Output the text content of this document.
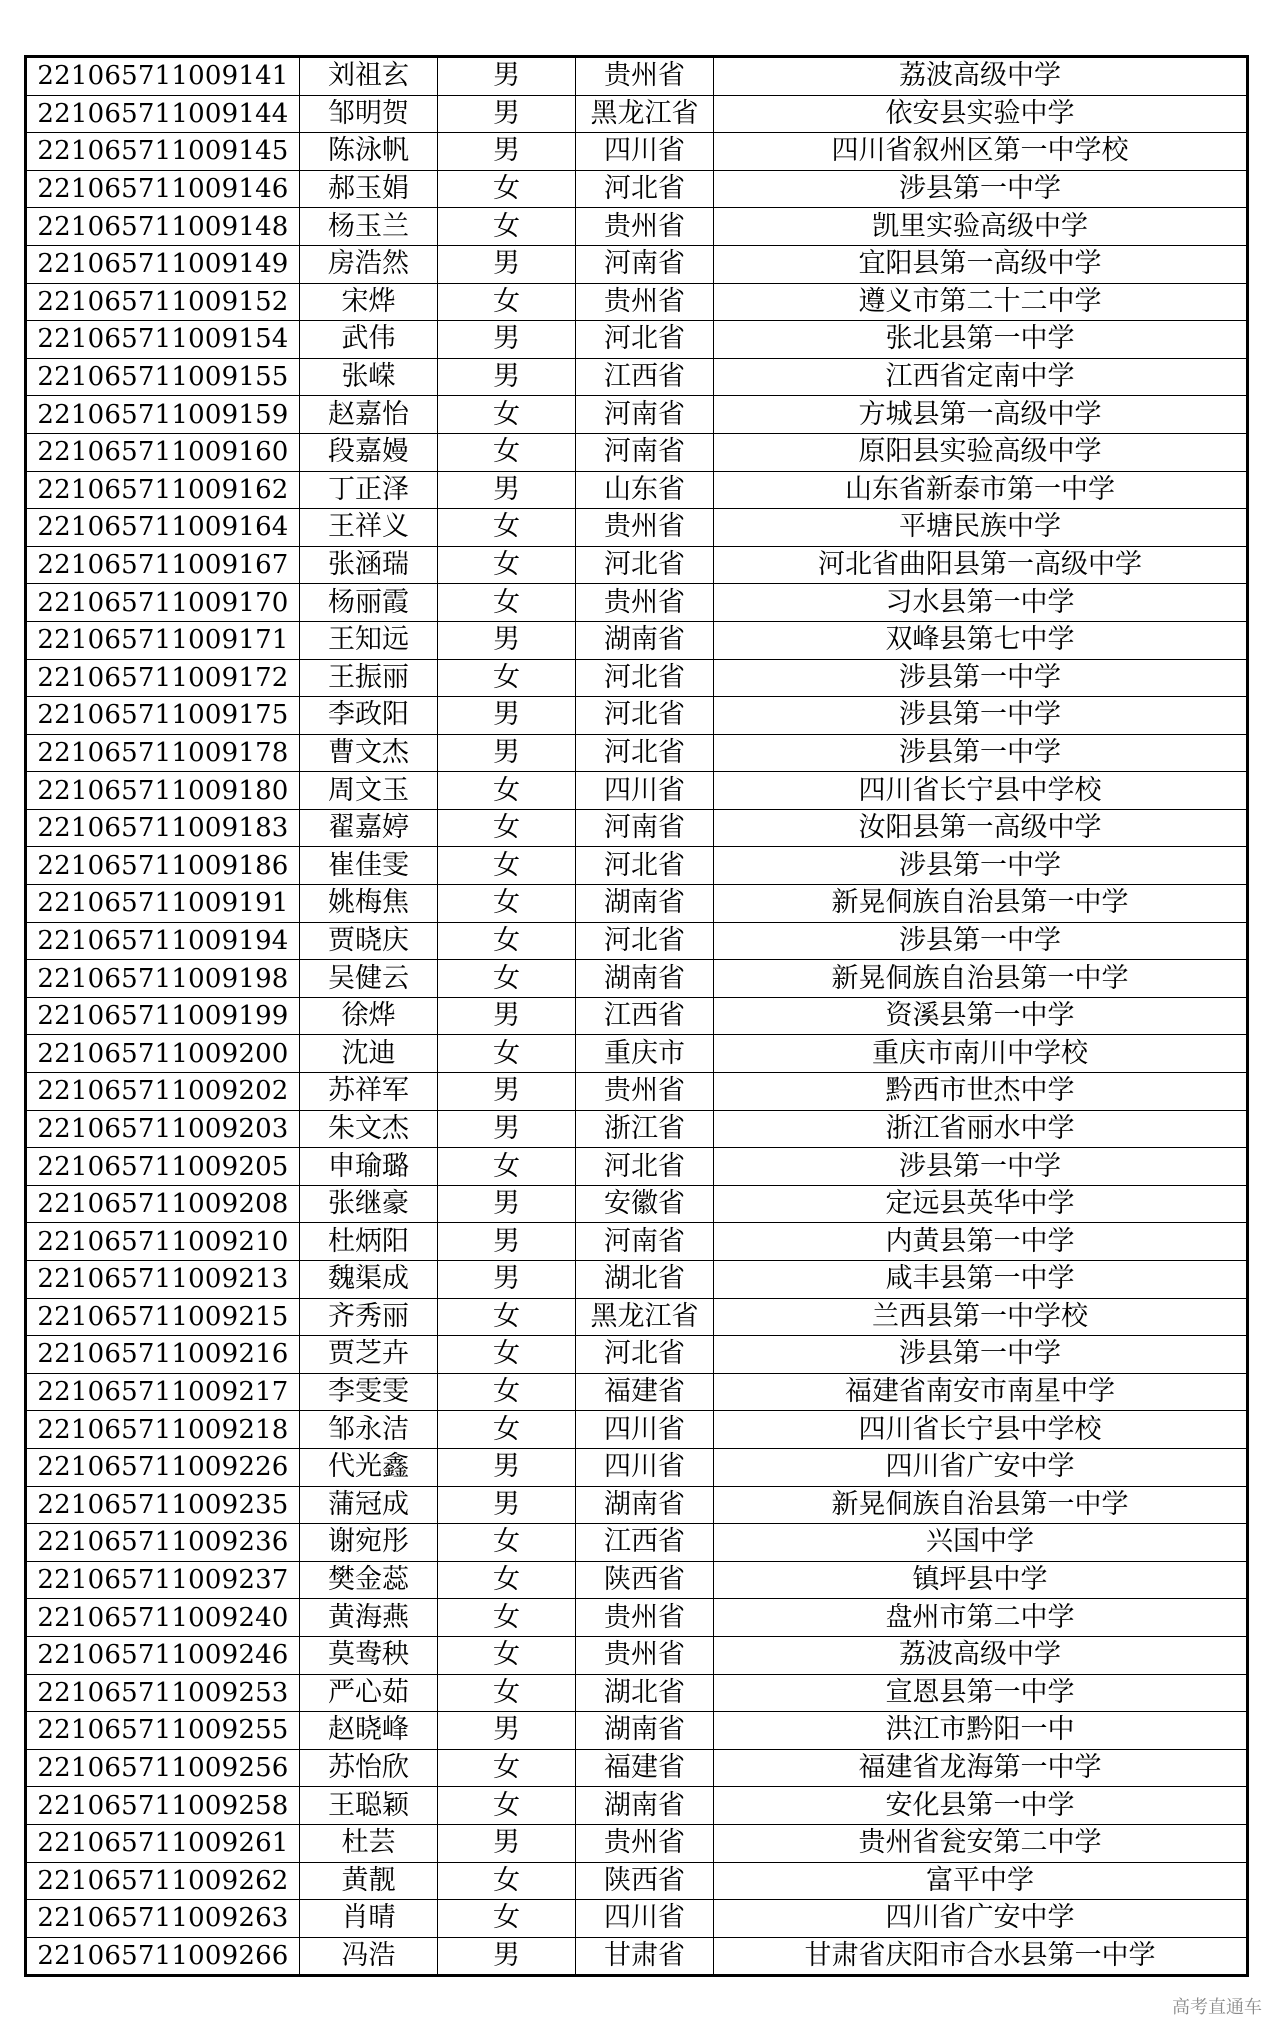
221065711009141	刘祖玄	男	贵州省	荔波高级中学
221065711009144	邹明贺	男	黑龙江省	依安县实验中学
221065711009145	陈泳帆	男	四川省	四川省叙州区第一中学校
221065711009146	郝玉娟	女	河北省	涉县第一中学
221065711009148	杨玉兰	女	贵州省	凯里实验高级中学
221065711009149	房浩然	男	河南省	宜阳县第一高级中学
221065711009152	宋烨	女	贵州省	遵义市第二十二中学
221065711009154	武伟	男	河北省	张北县第一中学
221065711009155	张嵘	男	江西省	江西省定南中学
221065711009159	赵嘉怡	女	河南省	方城县第一高级中学
221065711009160	段嘉嫚	女	河南省	原阳县实验高级中学
221065711009162	丁正泽	男	山东省	山东省新泰市第一中学
221065711009164	王祥义	女	贵州省	平塘民族中学
221065711009167	张涵瑞	女	河北省	河北省曲阳县第一高级中学
221065711009170	杨丽霞	女	贵州省	习水县第一中学
221065711009171	王知远	男	湖南省	双峰县第七中学
221065711009172	王振丽	女	河北省	涉县第一中学
221065711009175	李政阳	男	河北省	涉县第一中学
221065711009178	曹文杰	男	河北省	涉县第一中学
221065711009180	周文玉	女	四川省	四川省长宁县中学校
221065711009183	翟嘉婷	女	河南省	汝阳县第一高级中学
221065711009186	崔佳雯	女	河北省	涉县第一中学
221065711009191	姚梅焦	女	湖南省	新晃侗族自治县第一中学
221065711009194	贾晓庆	女	河北省	涉县第一中学
221065711009198	吴健云	女	湖南省	新晃侗族自治县第一中学
221065711009199	徐烨	男	江西省	资溪县第一中学
221065711009200	沈迪	女	重庆市	重庆市南川中学校
221065711009202	苏祥军	男	贵州省	黔西市世杰中学
221065711009203	朱文杰	男	浙江省	浙江省丽水中学
221065711009205	申瑜璐	女	河北省	涉县第一中学
221065711009208	张继豪	男	安徽省	定远县英华中学
221065711009210	杜炳阳	男	河南省	内黄县第一中学
221065711009213	魏渠成	男	湖北省	咸丰县第一中学
221065711009215	齐秀丽	女	黑龙江省	兰西县第一中学校
221065711009216	贾芝卉	女	河北省	涉县第一中学
221065711009217	李雯雯	女	福建省	福建省南安市南星中学
221065711009218	邹永洁	女	四川省	四川省长宁县中学校
221065711009226	代光鑫	男	四川省	四川省广安中学
221065711009235	蒲冠成	男	湖南省	新晃侗族自治县第一中学
221065711009236	谢宛彤	女	江西省	兴国中学
221065711009237	樊金蕊	女	陕西省	镇坪县中学
221065711009240	黄海燕	女	贵州省	盘州市第二中学
221065711009246	莫鸯秧	女	贵州省	荔波高级中学
221065711009253	严心茹	女	湖北省	宣恩县第一中学
221065711009255	赵晓峰	男	湖南省	洪江市黔阳一中
221065711009256	苏怡欣	女	福建省	福建省龙海第一中学
221065711009258	王聪颖	女	湖南省	安化县第一中学
221065711009261	杜芸	男	贵州省	贵州省瓮安第二中学
221065711009262	黄靓	女	陕西省	富平中学
221065711009263	肖晴	女	四川省	四川省广安中学
221065711009266	冯浩	男	甘肃省	甘肃省庆阳市合水县第一中学
高考直通车
